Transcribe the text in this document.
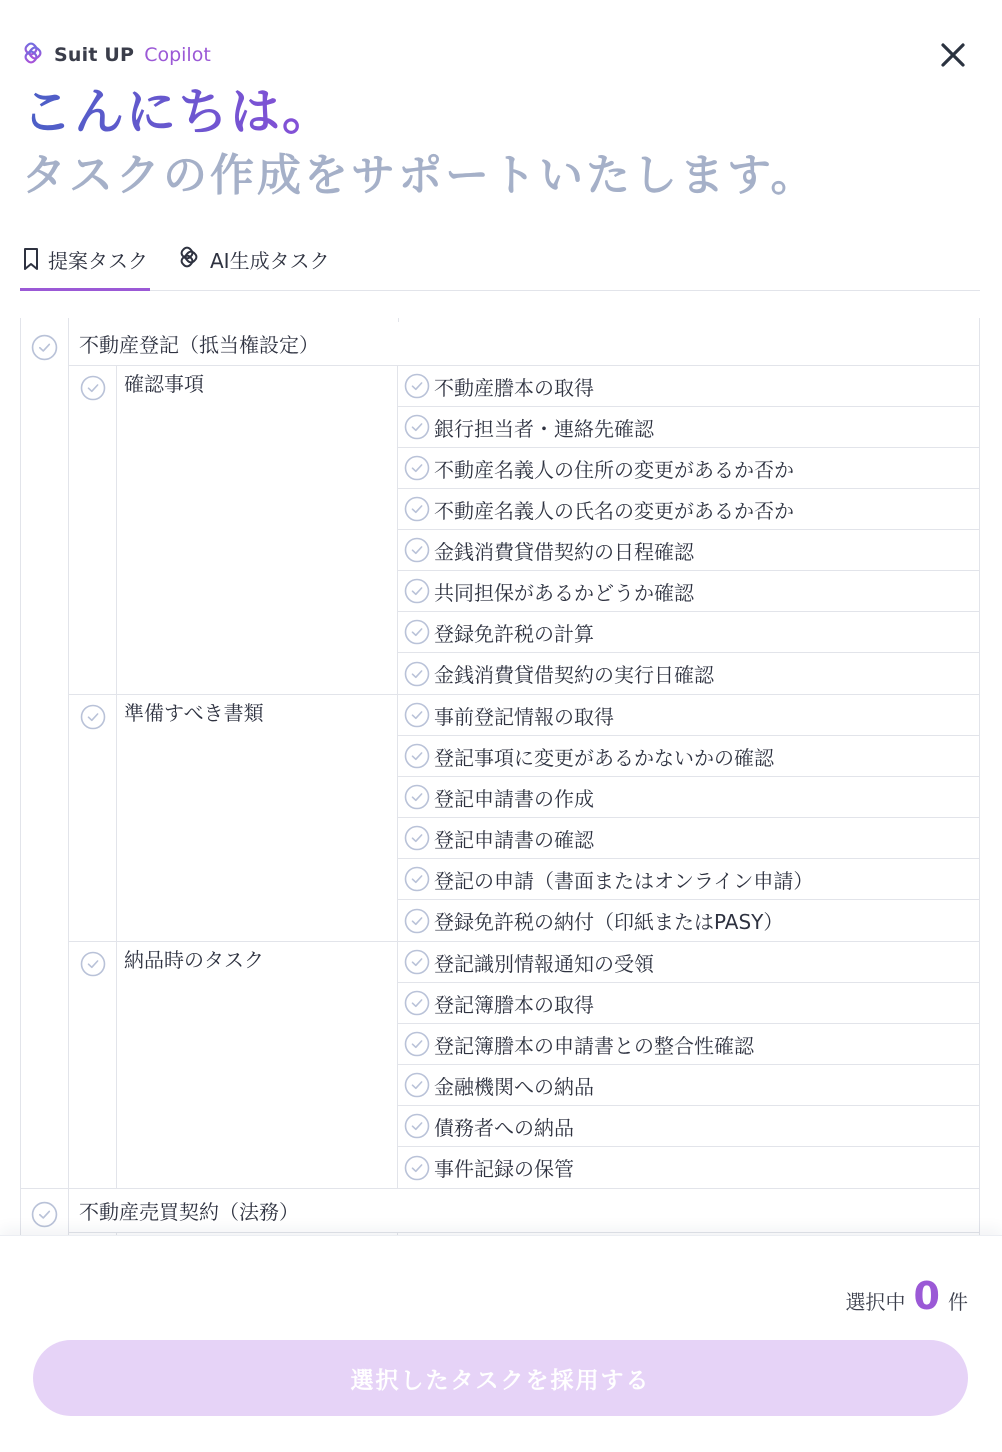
Suit UP Copilot
こんにちは。
タスクの作成をサポートいたします。
提案タスク	AI生成タスク
不動産登記（抵当権設定）
確認事項	不動産謄本の取得
銀行担当者・連絡先確認
不動産名義人の住所の変更があるか否か
不動産名義人の氏名の変更があるか否か
金銭消費貸借契約の日程確認
共同担保があるかどうか確認
登録免許税の計算
金銭消費貸借契約の実行日確認
準備すべき書類	事前登記情報の取得
登記事項に変更があるかないかの確認
登記申請書の作成
登記申請書の確認
登記の申請（書面またはオンライン申請）
登録免許税の納付（印紙またはPASY）
納品時のタスク	登記識別情報通知の受領
登記簿謄本の取得
登記簿謄本の申請書との整合性確認
金融機関への納品
債務者への納品
事件記録の保管
不動産売買契約（法務）
選択中 0 件
選択したタスクを採用する
